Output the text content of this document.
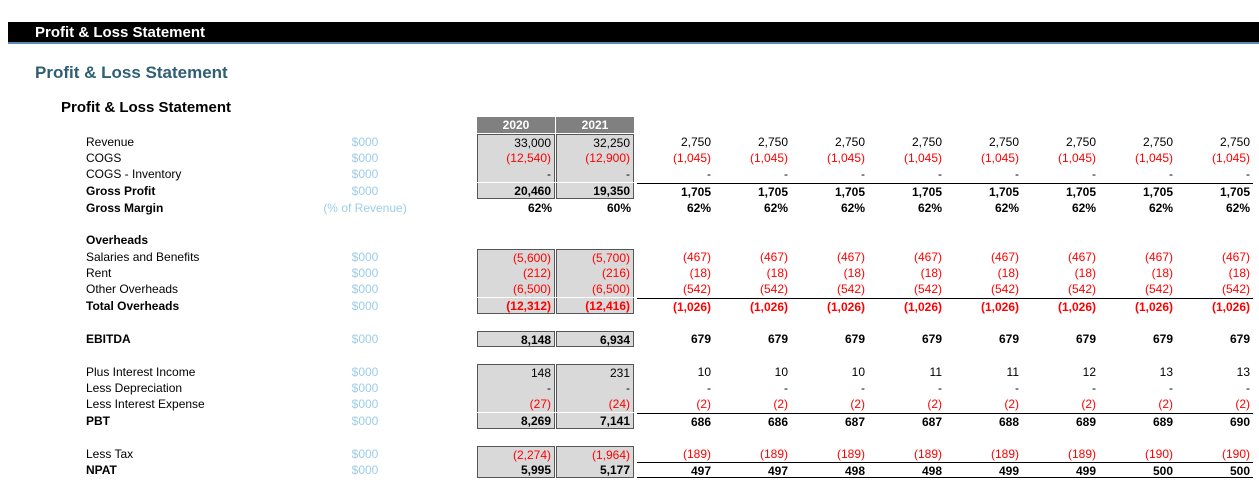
Profit & Loss Statement
Profit & Loss Statement
Profit & Loss Statement
2020	2021
Revenue	$000	33,000	32,250	2,750	2,750	2,750	2,750	2,750	2,750	2,750	2,750
COGS	$000	(12,540)	(12,900)	(1,045)	(1,045)	(1,045)	(1,045)	(1,045)	(1,045)	(1,045)	(1,045)
COGS - Inventory	$000	-	-	-	-	-	-	-	-	-	-
Gross Profit	$000	20,460	19,350	1,705	1,705	1,705	1,705	1,705	1,705	1,705	1,705
Gross Margin	(% of Revenue)	62%	60%	62%	62%	62%	62%	62%	62%	62%	62%
Overheads
Salaries and Benefits	$000	(5,600)	(5,700)	(467)	(467)	(467)	(467)	(467)	(467)	(467)	(467)
Rent	$000	(212)	(216)	(18)	(18)	(18)	(18)	(18)	(18)	(18)	(18)
Other Overheads	$000	(6,500)	(6,500)	(542)	(542)	(542)	(542)	(542)	(542)	(542)	(542)
Total Overheads	$000	(12,312)	(12,416)	(1,026)	(1,026)	(1,026)	(1,026)	(1,026)	(1,026)	(1,026)	(1,026)
EBITDA	$000	8,148	6,934	679	679	679	679	679	679	679	679
Plus Interest Income	$000	148	231	10	10	10	11	11	12	13	13
Less Depreciation	$000	-	-	-	-	-	-	-	-	-	-
Less Interest Expense	$000	(27)	(24)	(2)	(2)	(2)	(2)	(2)	(2)	(2)	(2)
PBT	$000	8,269	7,141	686	686	687	687	688	689	689	690
Less Tax	$000	(2,274)	(1,964)	(189)	(189)	(189)	(189)	(189)	(189)	(190)	(190)
NPAT	$000	5,995	5,177	497	497	498	498	499	499	500	500
